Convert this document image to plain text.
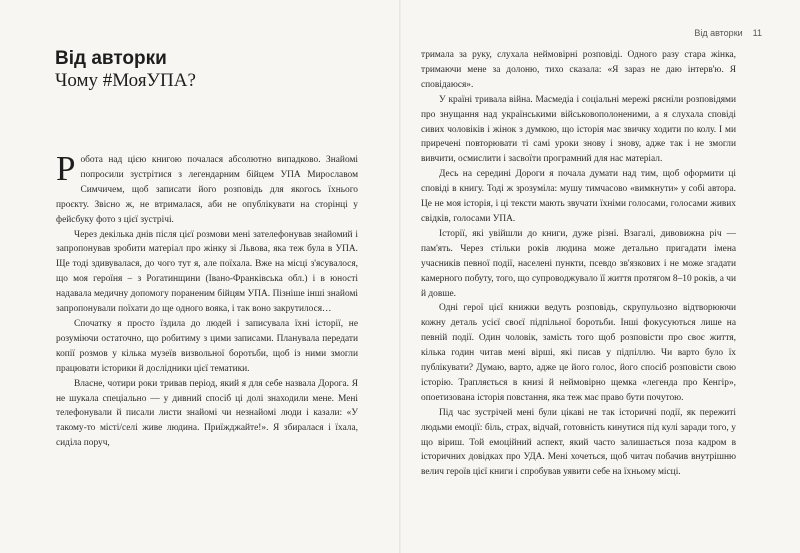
Від авторки 11
Від авторки
Чому #МояУПА?

Робота над цією книгою почалася абсолютно випадково. Знайомі попросили зустрітися з легендарним бійцем УПА Мирославом Симчичем, щоб записати його розповідь для якогось їхнього проєкту. Звісно ж, не втрималася, аби не опублікувати на сторінці у фейсбуку фото з цієї зустрічі.

Через декілька днів після цієї розмови мені зателефонував знайомий і запропонував зробити матеріал про жінку зі Львова, яка теж була в УПА. Ще тоді здивувалася, до чого тут я, але поїхала. Вже на місці з'ясувалося, що моя героїня – з Рогатинщини (Івано-Франківська обл.) і в юності надавала медичну допомогу пораненим бійцям УПА. Пізніше інші знайомі запропонували поїхати до ще одного вояка, і так воно закрутилося…

Спочатку я просто їздила до людей і записувала їхні історії, не розуміючи остаточно, що робитиму з цими записами. Планувала передати копії розмов у кілька музеїв визвольної боротьби, щоб із ними змогли працювати історики й дослідники цієї тематики.

Власне, чотири роки тривав період, який я для себе назвала Дорога. Я не шукала спеціально — у дивний спосіб ці долі знаходили мене. Мені телефонували й писали листи знайомі чи незнайомі люди і казали: «У такому-то місті/селі живе людина. Приїжджайте!». Я збиралася і їхала, сиділа поруч,

тримала за руку, слухала неймовірні розповіді. Одного разу стара жінка, тримаючи мене за долоню, тихо сказала: «Я зараз не даю інтерв'ю. Я сповідаюся».

У країні тривала війна. Масмедіа і соціальні мережі рясніли розповідями про знущання над українськими військовополоненими, а я слухала сповіді сивих чоловіків і жінок з думкою, що історія має звичку ходити по колу. І ми приречені повторювати ті самі уроки знову і знову, адже так і не змогли вивчити, осмислити і засвоїти програмний для нас матеріал.

Десь на середині Дороги я почала думати над тим, щоб оформити ці сповіді в книгу. Тоді ж зрозуміла: мушу тимчасово «вимкнути» у собі автора. Це не моя історія, і ці тексти мають звучати їхніми голосами, голосами живих свідків, голосами УПА.

Історії, які увійшли до книги, дуже різні. Взагалі, дивовижна річ — пам'ять. Через стільки років людина може детально пригадати імена учасників певної події, населені пункти, псевдо зв'язкових і не може згадати камерного побуту, того, що супроводжувало її життя протягом 8–10 років, а чи й довше.

Одні герої цієї книжки ведуть розповідь, скрупульозно відтворюючи кожну деталь усієї своєї підпільної боротьби. Інші фокусуються лише на певній події. Один чоловік, замість того щоб розповісти про своє життя, кілька годин читав мені вірші, які писав у підпіллю. Чи варто було їх публікувати? Думаю, варто, адже це його голос, його спосіб розповісти свою історію. Трапляється в книзі й неймовірно щемка «легенда про Кенгір», опоетизована історія повстання, яка теж має право бути почутою.

Під час зустрічей мені були цікаві не так історичні події, як пережиті людьми емоції: біль, страх, відчай, готовність кинутися під кулі заради того, у що віриш. Той емоційний аспект, який часто залишається поза кадром в історичних довідках про УДА. Мені хочеться, щоб читач побачив внутрішню велич героїв цієї книги і спробував уявити себе на їхньому місці.
